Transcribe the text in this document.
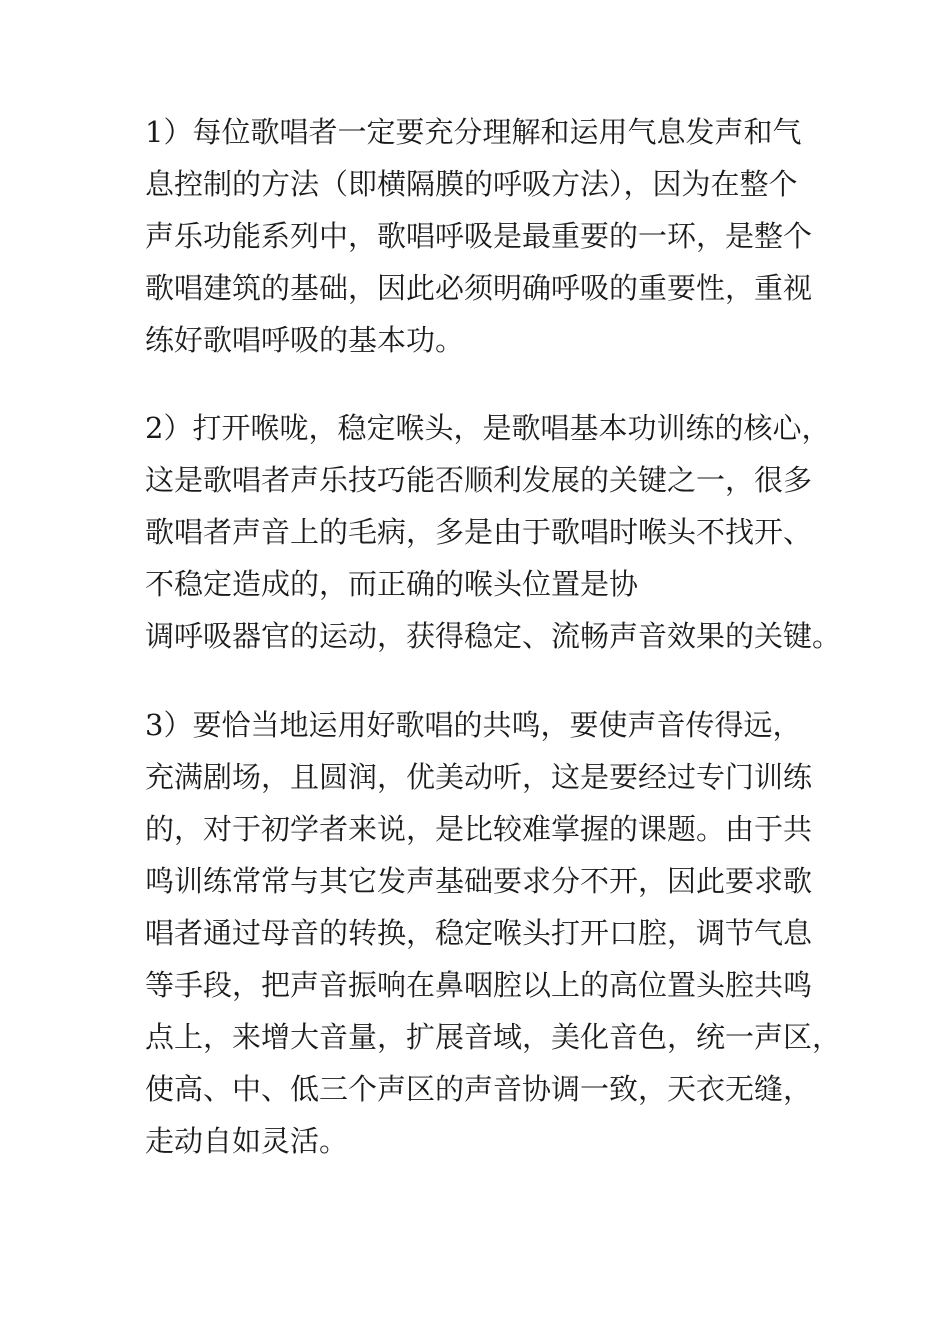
1）每位歌唱者一定要充分理解和运用气息发声和气
息控制的方法（即横隔膜的呼吸方法），因为在整个
声乐功能系列中，歌唱呼吸是最重要的一环，是整个
歌唱建筑的基础，因此必须明确呼吸的重要性，重视
练好歌唱呼吸的基本功。

2）打开喉咙，稳定喉头，是歌唱基本功训练的核心，
这是歌唱者声乐技巧能否顺利发展的关键之一，很多
歌唱者声音上的毛病，多是由于歌唱时喉头不找开、
不稳定造成的，而正确的喉头位置是协
调呼吸器官的运动，获得稳定、流畅声音效果的关键。

3）要恰当地运用好歌唱的共鸣，要使声音传得远，
充满剧场，且圆润，优美动听，这是要经过专门训练
的，对于初学者来说，是比较难掌握的课题。由于共
鸣训练常常与其它发声基础要求分不开，因此要求歌
唱者通过母音的转换，稳定喉头打开口腔，调节气息
等手段，把声音振响在鼻咽腔以上的高位置头腔共鸣
点上，来增大音量，扩展音域，美化音色，统一声区，
使高、中、低三个声区的声音协调一致，天衣无缝，
走动自如灵活。
